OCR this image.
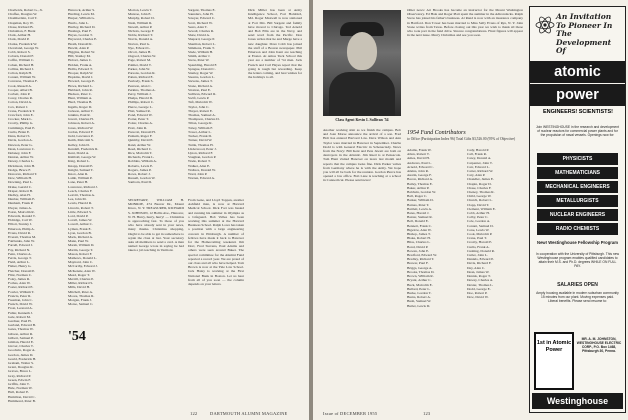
Chadwick, Robert G., Jr.
Chaffee, Douglas W.
Chamberlain, Carl T.
Chapman, Roy W.
Chase, Richard B.
Christman, F. Brent
Clark, Arthur H.
Clark, David P.
Clarke, Frederick W.
Cleveland, George W.
Cobb, Robert S.
Coburn, Donald F.
Coffin, William C.
Cohen, Richard H.
Collins, Richard J.
Colton, Ralph H.
Conant, William W.
Converse, Thomas F.
Cook, Russell A.
Cooper, Albert B.
Corbett, John P.
Corey, Charles R.
Cotton, David A.
Cox, Robert J.
Crane, Frederick T.
Crawford, John E.
Crocker, Mark L.
Crosby, Phillip G.
Cummings, Paul E.
Curtis, Brian E.
Dana, Robert S.
Davis, Gordon A.
Dawson, Peter G.
Dean, Lawrence C.
Delaney, John F.
Denton, Arthur W.
Dewey, Charles L.
Dickinson, John H.
Dodge, Bruce F.
Donovan, Richard T.
Dow, William H.
Downing, Paul L.
Drake, Gerald C.
Draper, Robert B.
Dudley, Alan H.
Dunbar, William E.
Dunham, Frank P.
Dwyer, James A.
Eaton, Malcolm R.
Edwards, Ronald T.
Eldridge, Carl W.
Elliott, Stanley J.
Emerson, Philip A.
Evans, David R.
Everett, Thomas M.
Fairbanks, John W.
Farrell, Edward J.
Fay, Richard N.
Fenn, Charles A.
Ferris, George T.
Field, Arthur L.
Fisher, Henry G.
Fletcher, Donald P.
Flint, Norman C.
Foley, James R.
Forbes, Alan W.
Foster, Richard E.
Fowler, William T.
Francis, Peter R.
Freeman, John C.
French, David W.
Frost, Leonard A.
Fuller, Kenneth J.
Gale, Robert M.
Gardner, Paul H.
Garland, Edward B.
Gates, Thomas W.
Gibson, Arthur R.
Gilbert, Samuel P.
Gilman, Harold E.
Glover, Charles T.
Goodwin, Roger A.
Gordon, James D.
Gould, Frederick H.
Graham, Walter S.
Grant, Douglas R.
Graves, Bruce L.
Gray, Richard P.
Green, Edwin F.
Griffin, John T.
Hale, Norman W.
Hall, Robert E.
Hamilton, David C.
Hammond, Peter B.
Hancock, Arthur S.
Harding, Lewis M.
Harper, William G.
Harris, John L.
Hartley, Richard D.
Hastings, Paul F.
Hayes, Gordon T.
Hayward, Charles E.
Heath, Donald R.
Hewitt, Alan P.
Higgins, Robert W.
Hill, Stanley M.
Hobart, James C.
Holden, Frank A.
Hollis, Edward T.
Hooper, Ralph W.
Hopkins, David J.
Howard, George E.
Howe, Richard L.
Hubbard, John R.
Hudson, Peter C.
Hunt, William A.
Hurd, Thomas B.
Ingalls, Roger D.
Jackson, Arthur T.
Jenkins, Paul R.
Jewett, Charles H.
Johnson, Robert A.
Jones, Richard W.
Jordan, Edward F.
Judd, Lawrence P.
Keith, Malcolm S.
Kelley, John D.
Kendall, Frederick R.
Kent, David A.
Kimball, George W.
King, Robert L.
Knapp, Donald E.
Knight, Samuel T.
Knox, Alan R.
Lamb, William P.
Lane, Peter H.
Lawrence, Richard J.
Leach, Charles F.
Leavitt, Thomas A.
Lee, John M.
Lewis, Harold R.
Lincoln, Robert T.
Little, Edward S.
Lord, David P.
Lovell, James W.
Lowell, Arthur C.
Lyman, Frank E.
Lyon, Gordon B.
Mack, Richard A.
Mann, Paul W.
Marsh, William D.
Martin, George T.
Mason, Robert F.
Mathews, Donald L.
Maynard, John C.
McCarthy, Edward J.
McKenzie, Alan W.
Mead, Roger T.
Merrill, Charles P.
Miller, Richard S.
Mills, David H.
Mitchell, Peter A.
Moore, Thomas R.
Morgan, Frank J.
Morse, Samuel C.
Morton, Lewis T.
Munroe, John E.
Murphy, Robert D.
Nash, William R.
Newell, Arthur P.
Nichols, George F.
Noble, Richard T.
Norris, Donald A.
Norton, Paul G.
Nye, Edward L.
Olcott, James H.
Osgood, Charles W.
Page, Robert M.
Palmer, David T.
Parker, John W.
Parsons, Gordon R.
Patten, Richard E.
Peabody, Frank S.
Pearson, Alan C.
Perkins, Thomas A.
Perry, William J.
Phelps, Harold D.
Phillips, Robert C.
Pierce, George L.
Platt, Samuel R.
Pond, Edward W.
Porter, Peter T.
Potter, Charles A.
Pratt, John R.
Prescott, Donald H.
Putnam, Roger F.
Quimby, David E.
Rand, Arthur W.
Reed, Richard C.
Rice, Malcolm T.
Richards, Frank L.
Robbins, William A.
Roberts, Lewis E.
Rogers, James P.
Rowe, Robert J.
Russell, Gordon W.
Sanborn, Paul D.
Sargent, Thomas E.
Saunders, John H.
Sawyer, Edward C.
Scott, Richard W.
Sears, Alan T.
Sewall, Charles R.
Shaw, David A.
Shepard, George P.
Sherman, Robert L.
Simmons, Frank T.
Slade, William H.
Smith, Arthur J.
Snow, Peter W.
Spaulding, Harold F.
Sprague, Donald C.
Stanley, Roger W.
Stearns, Gordon L.
Stevens, James T.
Stone, Richard A.
Stratton, Paul E.
Sullivan, Edward R.
Swift, Lewis P.
Taft, Malcolm W.
Taylor, John C.
Thayer, Robert E.
Thomas, Samuel A.
Thompson, Charles D.
Tilton, George R.
Tobey, William F.
Tower, Arthur L.
Tucker, Frank D.
Turner, David W.
Tuttle, Thomas H.
Underwood, Peter J.
Upton, Richard F.
Vaughan, Gordon P.
Wade, Robert T.
Walker, Alan E.
Wallace, Donald W.
Ward, John P.
Warren, Edward A.
'54
SECRETARY, WILLIAM H. MONROE, 474 Beaver Dr., Mount Kisco, N. Y. TREASURER, RICHARD S. JOHNSON, 12 Hollis Ave., Hanover, N. H. Hurry, hurry, hurry! — Christmas is approaching fast. To those of you who have already sent in your news, many thanks. Christmas shopping, Ought to be able to get in somewhere to rejoin the class at last. Your secretary asks all members to send a card. A man named George wrote in saying he had taken a job teaching in Vermont.
From Gene, and Lloyd Toppan, another Ashfield man, is now at Harvard Medical School. Dick Fort was busied and running his summer in Olympia as a Lifeguard. Bob Vallee has been working this summer at the Harvard Business School. Ralph Lowe has taken a position with a large engineering concern in Pittsburgh. A number of fellows have made it back to Hanover for the Homecoming weekend. Jim Dorr, Fred Stevens, Paul Adams and others were seen around Baker. The special committee for the Alumni Fund reported a record year. We are proud of our class and all who have helped. Tom Brown is now at the Yale Law School. Jack Haley is working at the First National Bank in Boston. Let us hear from all of you soon — the column depends on your letters.
Dick Miller has been at Army Intelligence School, Fort Holabird, Md. Roger Maxwell is now stationed at Fort Dix. Bill Sargent and family have moved to Chicago. Ted Arnold and Bob Ellis are in the Navy, and send word from the Pacific. Don Jones writes that he and Marge have a new daughter. Dave Cobb has joined the staff of a Boston newspaper. Phil Emerson and John Kent are teaching at Exeter. At Amos Tuck School this year are a number of '54 men. Jack French and Carl Hayes report that the going is rough but rewarding. Keep the letters coming, and best wishes for the holidays to all.
122	DARTMOUTH ALUMNI MAGAZINE
Class Agent Kevin I. Sullivan '54
Another working stint as we finish the campus. Bob and Joan Morse announce the arrival of a son. Fred Holt has entered Harvard Law. Dave Wilson and Ann Taylor were married in Hanover in September. Charlie Dodd is with General Electric in Schenectady. News from the Navy: Bill Kent and Pete Jewett are both on destroyers in the Atlantic. Jim Reed is at Pensacola. Tom Hunt visited Hanover on leave last month and reports that the campus looks fine. Dick Parker writes from Germany where he is with the Army. We hope you will all be back for the reunion. Gordon Pierce has opened a law office. Bob Lane is teaching at a school in Connecticut. Please send news!
Other news: Art Brooks has become an instructor for the Mount Washington Observatory. Ed Hale and Roger Platt spent the summer in the Adirondacks. Ralph Snow has joined his father's business. Al Rand is now with an insurance company in Hartford. Don Tower has been married to Miss Sally Evans of Rye, N. Y. John Stone writes from Texas. Before closing out this year we wish to thank all those who took part in the fund drive. Sincere congratulations. Final figures will appear in the next issue. Merry Christmas and see you soon.
1954 Fund Contributors
to Office (Participation Index 96) Total Gifts $3,526.00 (95% of Objective)
Adams, Frank W.
Allen, Robert T.
Ames, David H.
Andrews, Paul L.
Arnold, Edward C.
Atkins, John R.
Austin, George F.
Bacon, Richard A.
Bailey, Thomas E.
Baker, Arthur P.
Baldwin, Gordon W.
Ball, Roger C.
Barker, William D.
Barnes, Peter T.
Bartlett, Lewis A.
Bates, Harold J.
Baxter, Samuel R.
Bell, Donald E.
Bennett, Frank C.
Bigelow, Alan W.
Bishop, James T.
Blake, Robert H.
Bliss, Charles L.
Bond, David P.
Bowen, John E.
Bradford, Edward W.
Bradley, Richard T.
Brewer, Paul F.
Briggs, George A.
Brooks, Thomas D.
Brown, William R.
Bryant, Arthur C.
Buck, Malcolm E.
Bullard, Peter L.
Burke, Gordon T.
Burns, Robert A.
Bush, Samuel W.
Butler, Lewis D.
Cady, Harold P.
Call, Frank R.
Carey, Donald A.
Carpenter, John T.
Carr, Edward L.
Carter, Richard W.
Cary, Alan P.
Chandler, James E.
Chapin, Roger D.
Chase, Charles F.
Cheney, Thomas R.
Child, George W.
Church, Robert L.
Clapp, David T.
Clement, William E.
Cobb, Arthur H.
Colby, Peter C.
Cole, Gordon A.
Conant, Samuel D.
Cone, Lewis W.
Cook, Malcolm P.
Crane, Paul T.
Crosby, Harold E.
Curtis, Frank A.
Cushing, Donald R.
Cutler, John L.
Daniels, Edward P.
Davis, Richard F.
Day, Alan C.
Dean, James W.
Dennis, Roger T.
Dewey, Charles A.
Dexter, Thomas L.
Dodd, George E.
Doe, Robert P.
Dow, David W.
An Invitation To Pioneer In The Development Of
atomic
power
ENGINEERS! SCIENTISTS!
Join WESTINGHOUSE in the research and development of nuclear reactors for commercial power plants and for the propulsion of naval vessels. Openings now for:
PHYSICISTS
MATHEMATICIANS
MECHANICAL ENGINEERS
METALLURGISTS
NUCLEAR ENGINEERS
RADIO CHEMISTS
New! Westinghouse Fellowship Program
In cooperation with the University of Pittsburgh. This new Westinghouse program enables qualified candidates to attain their M.S. and Ph.D. degrees WHILE ON FULL PAY.
SALARIES OPEN
Amply housing available in modern suburban community 15 minutes from our plant. Moving expenses paid. Liberal benefits. Please send resume to:
MR. A. M. JOHNSTON, WESTINGHOUSE ELECTRIC CORP., P.O. Box 1468, Pittsburgh 30, Penna.
1st in Atomic Power
Westinghouse
Issue of DECEMBER 1955	123
